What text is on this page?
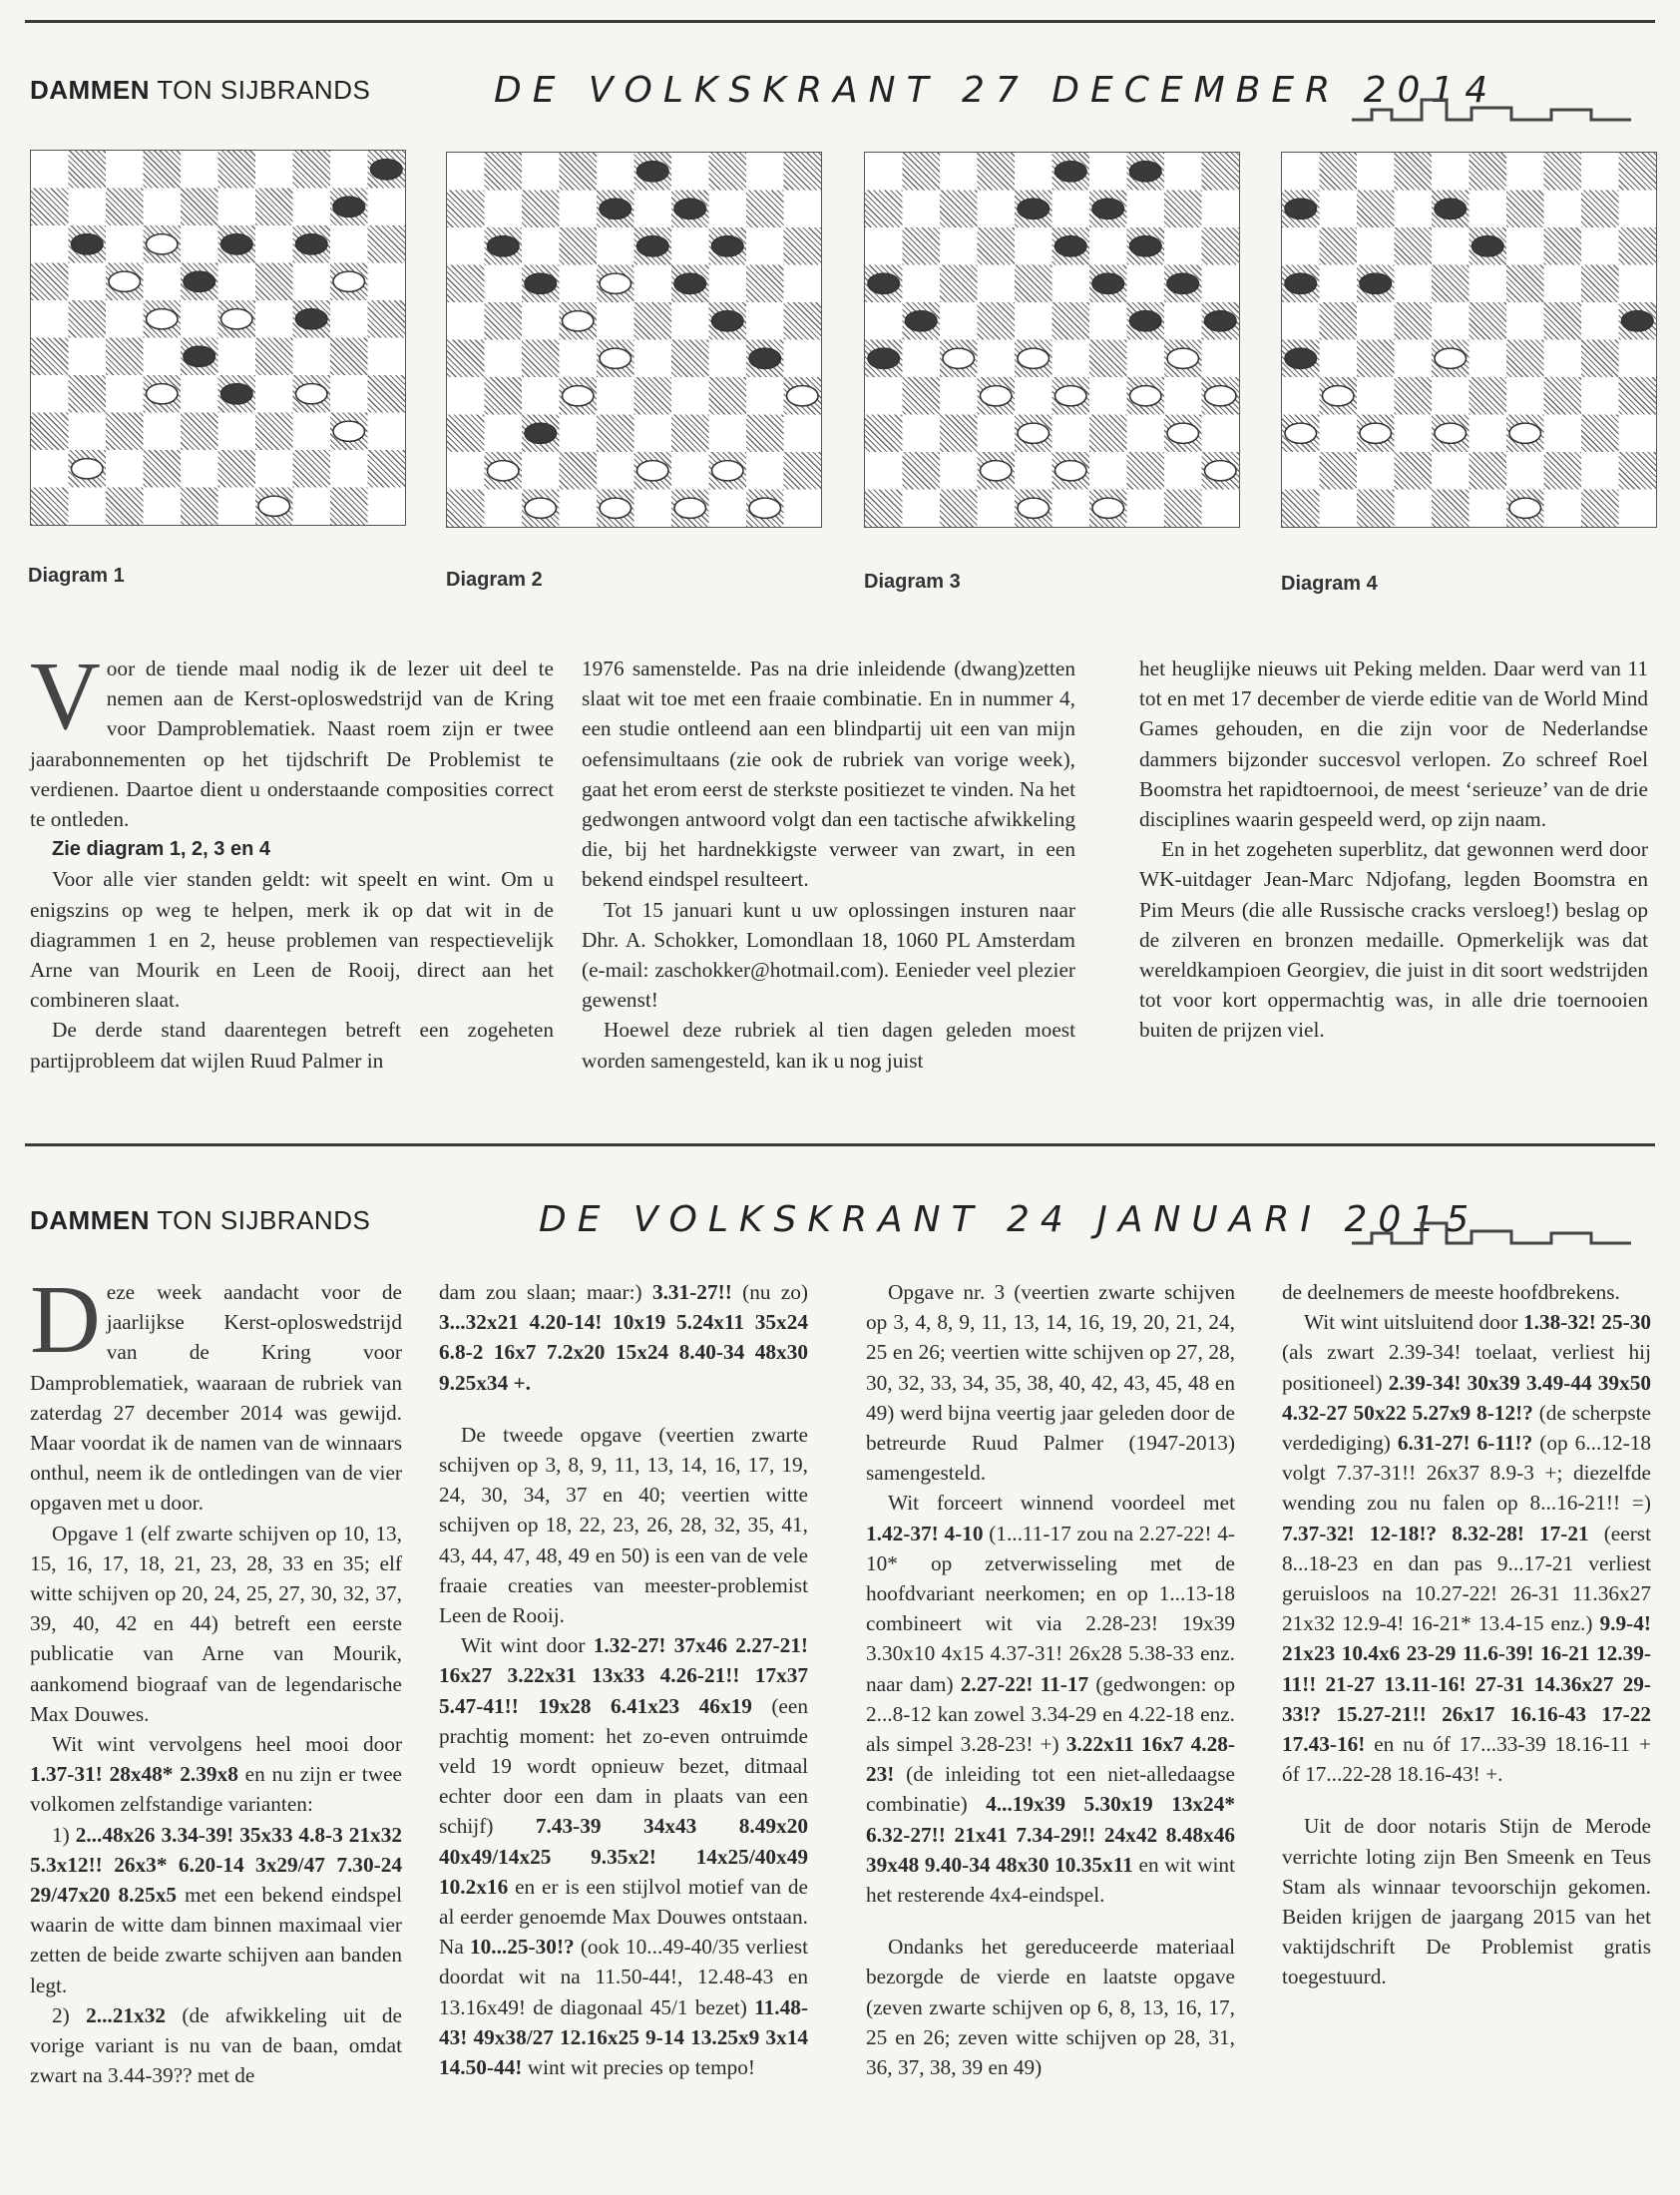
DAMMEN TON SIJBRANDS	DE VOLKSKRANT 27 DECEMBER 2014
Diagram 1	Diagram 2	Diagram 3	Diagram 4

Voor de tiende maal nodig ik de lezer uit deel te nemen aan de Kerst-oploswedstrijd van de Kring voor Damproblematiek. Naast roem zijn er twee jaarabonnementen op het tijdschrift De Problemist te verdienen. Daartoe dient u onderstaande composities correct te ontleden.

Zie diagram 1, 2, 3 en 4

Voor alle vier standen geldt: wit speelt en wint. Om u enigszins op weg te helpen, merk ik op dat wit in de diagrammen 1 en 2, heuse problemen van respectievelijk Arne van Mourik en Leen de Rooij, direct aan het combineren slaat.

De derde stand daarentegen betreft een zogeheten partijprobleem dat wijlen Ruud Palmer in

1976 samenstelde. Pas na drie inleidende (dwang)zetten slaat wit toe met een fraaie combinatie. En in nummer 4, een studie ontleend aan een blindpartij uit een van mijn oefensimultaans (zie ook de rubriek van vorige week), gaat het erom eerst de sterkste positiezet te vinden. Na het gedwongen antwoord volgt dan een tactische afwikkeling die, bij het hardnekkigste verweer van zwart, in een bekend eindspel resulteert.

Tot 15 januari kunt u uw oplossingen insturen naar Dhr. A. Schokker, Lomondlaan 18, 1060 PL Amsterdam (e-mail: zaschokker@hotmail.com). Eenieder veel plezier gewenst!

Hoewel deze rubriek al tien dagen geleden moest worden samengesteld, kan ik u nog juist

het heuglijke nieuws uit Peking melden. Daar werd van 11 tot en met 17 december de vierde editie van de World Mind Games gehouden, en die zijn voor de Nederlandse dammers bijzonder succesvol verlopen. Zo schreef Roel Boomstra het rapidtoernooi, de meest ‘serieuze’ van de drie disciplines waarin gespeeld werd, op zijn naam.

En in het zogeheten superblitz, dat gewonnen werd door WK-uitdager Jean-Marc Ndjofang, legden Boomstra en Pim Meurs (die alle Russische cracks versloeg!) beslag op de zilveren en bronzen medaille. Opmerkelijk was dat wereldkampioen Georgiev, die juist in dit soort wedstrijden tot voor kort oppermachtig was, in alle drie toernooien buiten de prijzen viel.

DAMMEN TON SIJBRANDS	DE VOLKSKRANT 24 JANUARI 2015

Deze week aandacht voor de jaarlijkse Kerst-oploswedstrijd van de Kring voor Damproblematiek, waaraan de rubriek van zaterdag 27 december 2014 was gewijd. Maar voordat ik de namen van de winnaars onthul, neem ik de ontledingen van de vier opgaven met u door.

Opgave 1 (elf zwarte schijven op 10, 13, 15, 16, 17, 18, 21, 23, 28, 33 en 35; elf witte schijven op 20, 24, 25, 27, 30, 32, 37, 39, 40, 42 en 44) betreft een eerste publicatie van Arne van Mourik, aankomend biograaf van de legendarische Max Douwes.

Wit wint vervolgens heel mooi door 1.37-31! 28x48* 2.39x8 en nu zijn er twee volkomen zelfstandige varianten:

1) 2...48x26 3.34-39! 35x33 4.8-3 21x32 5.3x12!! 26x3* 6.20-14 3x29/47 7.30-24 29/47x20 8.25x5 met een bekend eindspel waarin de witte dam binnen maximaal vier zetten de beide zwarte schijven aan banden legt.

2) 2...21x32 (de afwikkeling uit de vorige variant is nu van de baan, omdat zwart na 3.44-39?? met de

dam zou slaan; maar:) 3.31-27!! (nu zo) 3...32x21 4.20-14! 10x19 5.24x11 35x24 6.8-2 16x7 7.2x20 15x24 8.40-34 48x30 9.25x34 +.

De tweede opgave (veertien zwarte schijven op 3, 8, 9, 11, 13, 14, 16, 17, 19, 24, 30, 34, 37 en 40; veertien witte schijven op 18, 22, 23, 26, 28, 32, 35, 41, 43, 44, 47, 48, 49 en 50) is een van de vele fraaie creaties van meester-problemist Leen de Rooij.

Wit wint door 1.32-27! 37x46 2.27-21! 16x27 3.22x31 13x33 4.26-21!! 17x37 5.47-41!! 19x28 6.41x23 46x19 (een prachtig moment: het zo-even ontruimde veld 19 wordt opnieuw bezet, ditmaal echter door een dam in plaats van een schijf) 7.43-39 34x43 8.49x20 40x49/14x25 9.35x2! 14x25/40x49 10.2x16 en er is een stijlvol motief van de al eerder genoemde Max Douwes ontstaan. Na 10...25-30!? (ook 10...49-40/35 verliest doordat wit na 11.50-44!, 12.48-43 en 13.16x49! de diagonaal 45/1 bezet) 11.48-43! 49x38/27 12.16x25 9-14 13.25x9 3x14 14.50-44! wint wit precies op tempo!

Opgave nr. 3 (veertien zwarte schijven op 3, 4, 8, 9, 11, 13, 14, 16, 19, 20, 21, 24, 25 en 26; veertien witte schijven op 27, 28, 30, 32, 33, 34, 35, 38, 40, 42, 43, 45, 48 en 49) werd bijna veertig jaar geleden door de betreurde Ruud Palmer (1947-2013) samengesteld.

Wit forceert winnend voordeel met 1.42-37! 4-10 (1...11-17 zou na 2.27-22! 4-10* op zetverwisseling met de hoofdvariant neerkomen; en op 1...13-18 combineert wit via 2.28-23! 19x39 3.30x10 4x15 4.37-31! 26x28 5.38-33 enz. naar dam) 2.27-22! 11-17 (gedwongen: op 2...8-12 kan zowel 3.34-29 en 4.22-18 enz. als simpel 3.28-23! +) 3.22x11 16x7 4.28-23! (de inleiding tot een niet-alledaagse combinatie) 4...19x39 5.30x19 13x24* 6.32-27!! 21x41 7.34-29!! 24x42 8.48x46 39x48 9.40-34 48x30 10.35x11 en wit wint het resterende 4x4-eindspel.

Ondanks het gereduceerde materiaal bezorgde de vierde en laatste opgave (zeven zwarte schijven op 6, 8, 13, 16, 17, 25 en 26; zeven witte schijven op 28, 31, 36, 37, 38, 39 en 49)

de deelnemers de meeste hoofdbrekens.

Wit wint uitsluitend door 1.38-32! 25-30 (als zwart 2.39-34! toelaat, verliest hij positioneel) 2.39-34! 30x39 3.49-44 39x50 4.32-27 50x22 5.27x9 8-12!? (de scherpste verdediging) 6.31-27! 6-11!? (op 6...12-18 volgt 7.37-31!! 26x37 8.9-3 +; diezelfde wending zou nu falen op 8...16-21!! =) 7.37-32! 12-18!? 8.32-28! 17-21 (eerst 8...18-23 en dan pas 9...17-21 verliest geruisloos na 10.27-22! 26-31 11.36x27 21x32 12.9-4! 16-21* 13.4-15 enz.) 9.9-4! 21x23 10.4x6 23-29 11.6-39! 16-21 12.39-11!! 21-27 13.11-16! 27-31 14.36x27 29-33!? 15.27-21!! 26x17 16.16-43 17-22 17.43-16! en nu óf 17...33-39 18.16-11 + óf 17...22-28 18.16-43! +.

Uit de door notaris Stijn de Merode verrichte loting zijn Ben Smeenk en Teus Stam als winnaar tevoorschijn gekomen. Beiden krijgen de jaargang 2015 van het vaktijdschrift De Problemist gratis toegestuurd.
